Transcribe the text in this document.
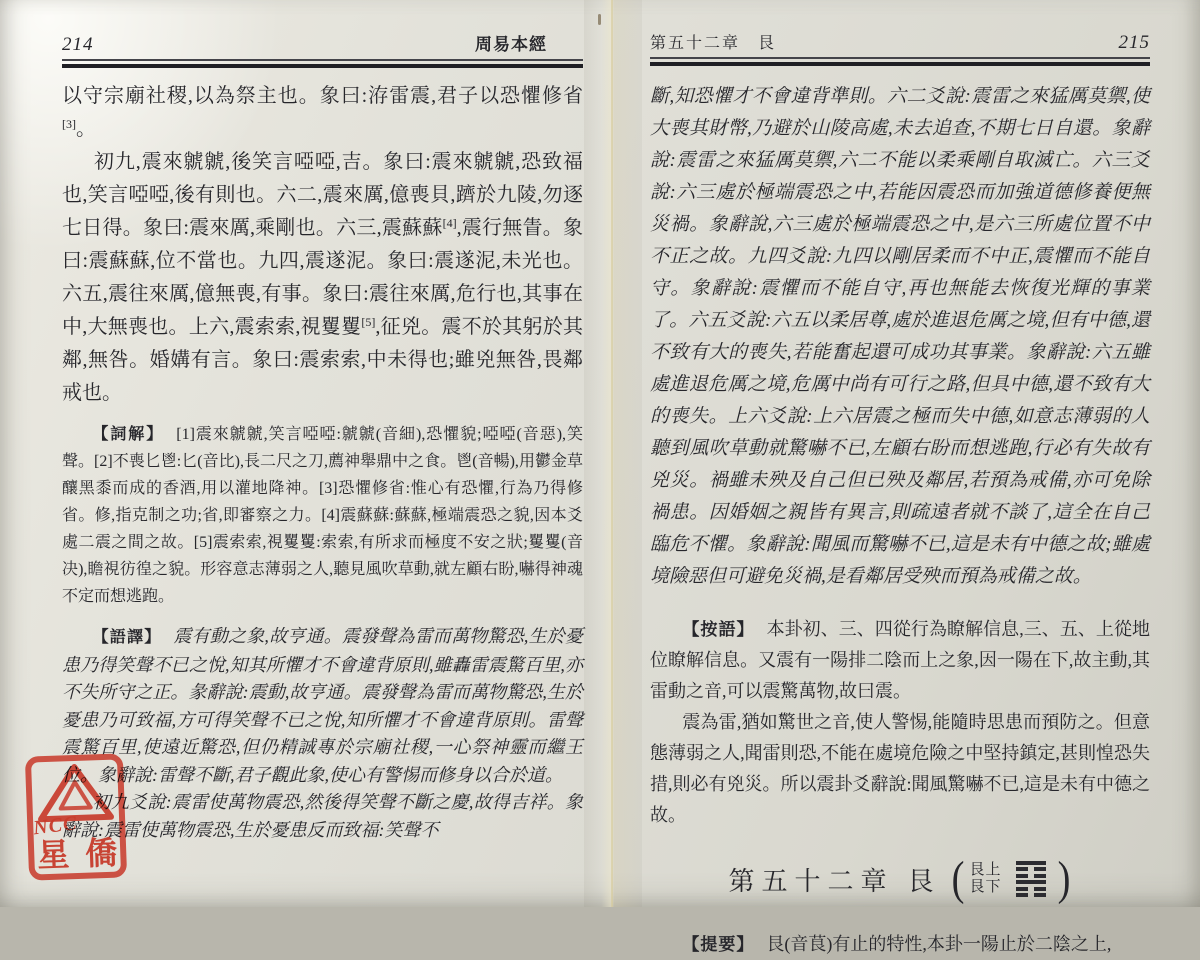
214	周易本經

以守宗廟社稷,以為祭主也。象曰:洊雷震,君子以恐懼修省[3]。

初九,震來虩虩,後笑言啞啞,吉。象曰:震來虩虩,恐致福也,笑言啞啞,後有則也。六二,震來厲,億喪貝,躋於九陵,勿逐七日得。象曰:震來厲,乘剛也。六三,震蘇蘇[4],震行無眚。象曰:震蘇蘇,位不當也。九四,震遂泥。象曰:震遂泥,未光也。六五,震往來厲,億無喪,有事。象曰:震往來厲,危行也,其事在中,大無喪也。上六,震索索,視矍矍[5],征兇。震不於其躬於其鄰,無咎。婚媾有言。象曰:震索索,中未得也;雖兇無咎,畏鄰戒也。

【詞解】 [1]震來虩虩,笑言啞啞:虩虩(音細),恐懼貌;啞啞(音惡),笑聲。[2]不喪匕鬯:匕(音比),長二尺之刀,薦神舉鼎中之食。鬯(音暢),用鬱金草釀黑黍而成的香酒,用以灌地降神。[3]恐懼修省:惟心有恐懼,行為乃得修省。修,指克制之功;省,即審察之力。[4]震蘇蘇:蘇蘇,極端震恐之貌,因本爻處二震之間之故。[5]震索索,視矍矍:索索,有所求而極度不安之狀;矍矍(音决),瞻視彷徨之貌。形容意志薄弱之人,聽見風吹草動,就左顧右盼,嚇得神魂不定而想逃跑。

【語譯】 震有動之象,故亨通。震發聲為雷而萬物驚恐,生於憂患乃得笑聲不已之悅,知其所懼才不會違背原則,雖轟雷震驚百里,亦不失所守之正。彖辭說:震動,故亨通。震發聲為雷而萬物驚恐,生於憂患乃可致福,方可得笑聲不已之悅,知所懼才不會違背原則。雷聲震驚百里,使遠近驚恐,但仍精誠專於宗廟社稷,一心祭神靈而繼王位。象辭說:雷聲不斷,君子觀此象,使心有警惕而修身以合於道。

初九爻說:震雷使萬物震恐,然後得笑聲不斷之慶,故得吉祥。象辭說:震雷使萬物震恐,生於憂患反而致福:笑聲不

第五十二章　艮	215

斷,知恐懼才不會違背準則。六二爻說:震雷之來猛厲莫禦,使大喪其財幣,乃避於山陵高處,未去追查,不期七日自還。象辭說:震雷之來猛厲莫禦,六二不能以柔乘剛自取滅亡。六三爻說:六三處於極端震恐之中,若能因震恐而加強道德修養便無災禍。象辭說,六三處於極端震恐之中,是六三所處位置不中不正之故。九四爻說:九四以剛居柔而不中正,震懼而不能自守。象辭說:震懼而不能自守,再也無能去恢復光輝的事業了。六五爻說:六五以柔居尊,處於進退危厲之境,但有中德,還不致有大的喪失,若能奮起還可成功其事業。象辭說:六五雖處進退危厲之境,危厲中尚有可行之路,但具中德,還不致有大的喪失。上六爻說:上六居震之極而失中德,如意志薄弱的人聽到風吹草動就驚嚇不已,左顧右盼而想逃跑,行必有失故有兇災。禍雖未殃及自己但已殃及鄰居,若預為戒備,亦可免除禍患。因婚姻之親皆有異言,則疏遠者就不談了,這全在自己臨危不懼。象辭說:聞風而驚嚇不已,這是未有中德之故;雖處境險惡但可避免災禍,是看鄰居受殃而預為戒備之故。

【按語】 本卦初、三、四從行為瞭解信息,三、五、上從地位瞭解信息。又震有一陽排二陰而上之象,因一陽在下,故主動,其雷動之音,可以震驚萬物,故曰震。

震為雷,猶如驚世之音,使人警惕,能隨時思患而預防之。但意態薄弱之人,聞雷則恐,不能在處境危險之中堅持鎮定,甚則惶恐失措,則必有兇災。所以震卦爻辭說:聞風驚嚇不已,這是未有中德之故。

第五十二章 艮 ( 艮上
艮下 )

【提要】 艮(音茛)有止的特性,本卦一陽止於二陰之上,

NCC
星 僑
